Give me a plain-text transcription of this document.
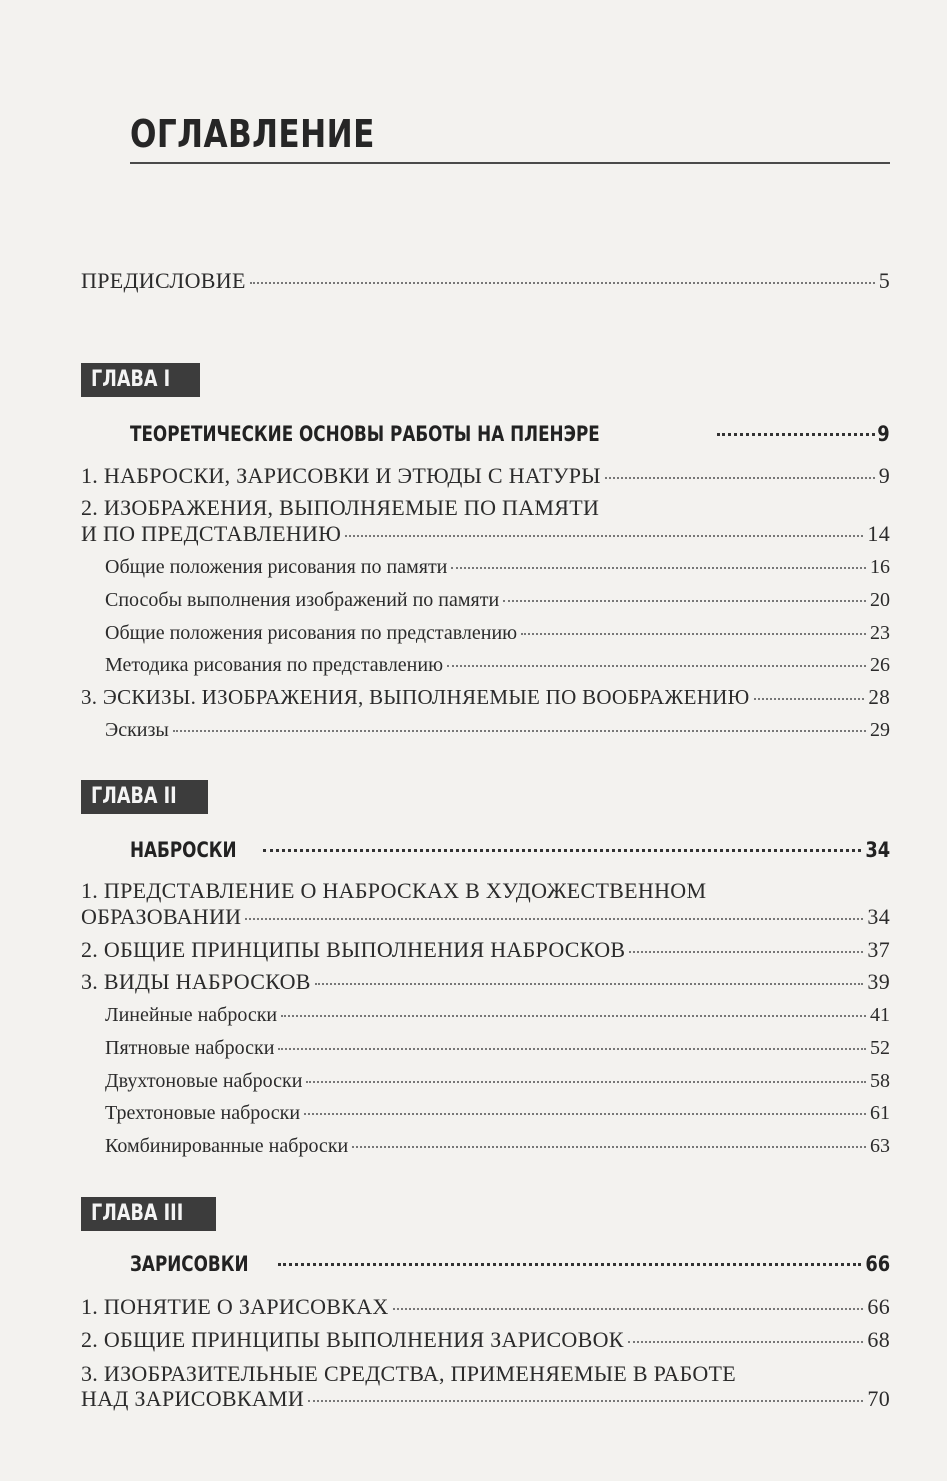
ОГЛАВЛЕНИЕ
ПРЕДИСЛОВИЕ	5
ГЛАВА I
ТЕОРЕТИЧЕСКИЕ ОСНОВЫ РАБОТЫ НА ПЛЕНЭРЕ	9
1. НАБРОСКИ, ЗАРИСОВКИ И ЭТЮДЫ С НАТУРЫ	9
2. ИЗОБРАЖЕНИЯ, ВЫПОЛНЯЕМЫЕ ПО ПАМЯТИ
И ПО ПРЕДСТАВЛЕНИЮ	14
Общие положения рисования по памяти	16
Способы выполнения изображений по памяти	20
Общие положения рисования по представлению	23
Методика рисования по представлению	26
3. ЭСКИЗЫ. ИЗОБРАЖЕНИЯ, ВЫПОЛНЯЕМЫЕ ПО ВООБРАЖЕНИЮ	28
Эскизы	29
ГЛАВА II
НАБРОСКИ	34
1. ПРЕДСТАВЛЕНИЕ О НАБРОСКАХ В ХУДОЖЕСТВЕННОМ
ОБРАЗОВАНИИ	34
2. ОБЩИЕ ПРИНЦИПЫ ВЫПОЛНЕНИЯ НАБРОСКОВ	37
3. ВИДЫ НАБРОСКОВ	39
Линейные наброски	41
Пятновые наброски	52
Двухтоновые наброски	58
Трехтоновые наброски	61
Комбинированные наброски	63
ГЛАВА III
ЗАРИСОВКИ	66
1. ПОНЯТИЕ О ЗАРИСОВКАХ	66
2. ОБЩИЕ ПРИНЦИПЫ ВЫПОЛНЕНИЯ ЗАРИСОВОК	68
3. ИЗОБРАЗИТЕЛЬНЫЕ СРЕДСТВА, ПРИМЕНЯЕМЫЕ В РАБОТЕ
НАД ЗАРИСОВКАМИ	70
